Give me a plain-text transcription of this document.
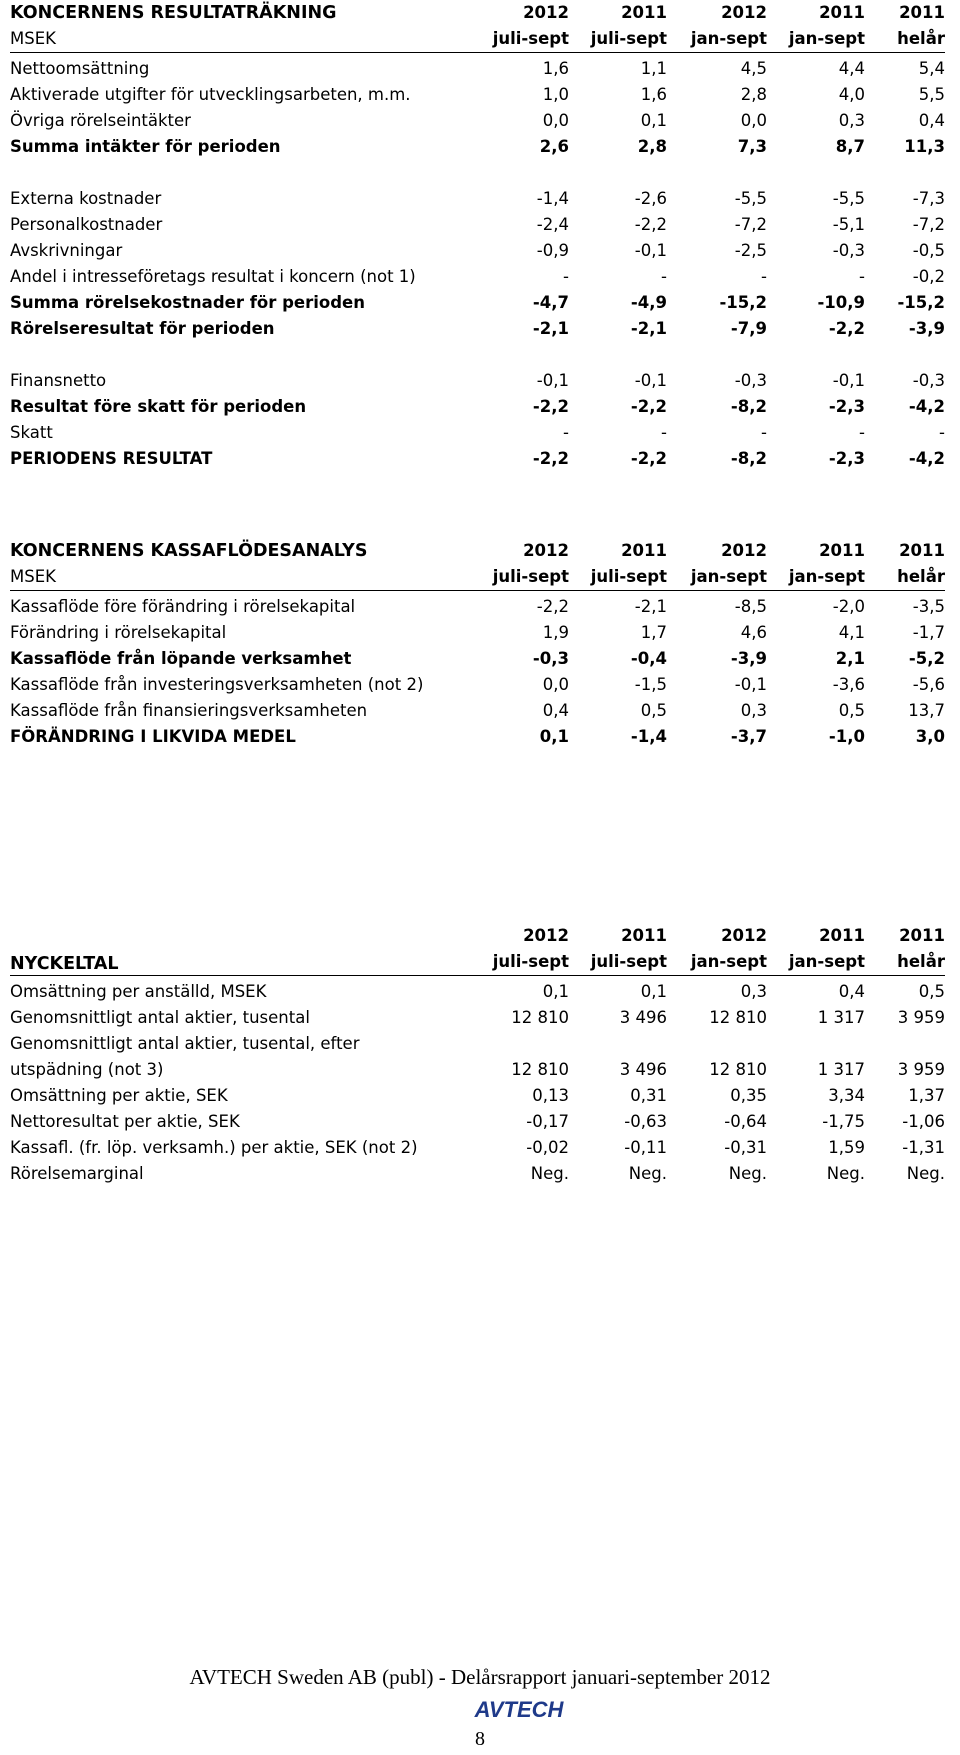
KONCERNENS RESULTATRÄKNING
MSEK
2012	2011	2012	2011	2011
juli-sept	juli-sept	jan-sept	jan-sept	helår
Nettoomsättning	1,6	1,1	4,5	4,4	5,4
Aktiverade utgifter för utvecklingsarbeten, m.m.	1,0	1,6	2,8	4,0	5,5
Övriga rörelseintäkter	0,0	0,1	0,0	0,3	0,4
Summa intäkter för perioden	2,6	2,8	7,3	8,7	11,3
Externa kostnader	-1,4	-2,6	-5,5	-5,5	-7,3
Personalkostnader	-2,4	-2,2	-7,2	-5,1	-7,2
Avskrivningar	-0,9	-0,1	-2,5	-0,3	-0,5
Andel i intresseföretags resultat i koncern (not 1)	-	-	-	-	-0,2
Summa rörelsekostnader för perioden	-4,7	-4,9	-15,2	-10,9	-15,2
Rörelseresultat för perioden	-2,1	-2,1	-7,9	-2,2	-3,9
Finansnetto	-0,1	-0,1	-0,3	-0,1	-0,3
Resultat före skatt för perioden	-2,2	-2,2	-8,2	-2,3	-4,2
Skatt	-	-	-	-	-
PERIODENS RESULTAT	-2,2	-2,2	-8,2	-2,3	-4,2
KONCERNENS KASSAFLÖDESANALYS
MSEK
2012	2011	2012	2011	2011
juli-sept	juli-sept	jan-sept	jan-sept	helår
Kassaflöde före förändring i rörelsekapital	-2,2	-2,1	-8,5	-2,0	-3,5
Förändring i rörelsekapital	1,9	1,7	4,6	4,1	-1,7
Kassaflöde från löpande verksamhet	-0,3	-0,4	-3,9	2,1	-5,2
Kassaflöde från investeringsverksamheten (not 2)	0,0	-1,5	-0,1	-3,6	-5,6
Kassaflöde från finansieringsverksamheten	0,4	0,5	0,3	0,5	13,7
FÖRÄNDRING I LIKVIDA MEDEL	0,1	-1,4	-3,7	-1,0	3,0
NYCKELTAL
2012	2011	2012	2011	2011
juli-sept	juli-sept	jan-sept	jan-sept	helår
Omsättning per anställd, MSEK	0,1	0,1	0,3	0,4	0,5
Genomsnittligt antal aktier, tusental	12 810	3 496	12 810	1 317	3 959
Genomsnittligt antal aktier, tusental, efter
utspädning (not 3)	12 810	3 496	12 810	1 317	3 959
Omsättning per aktie, SEK	0,13	0,31	0,35	3,34	1,37
Nettoresultat per aktie, SEK	-0,17	-0,63	-0,64	-1,75	-1,06
Kassafl. (fr. löp. verksamh.) per aktie, SEK (not 2)	-0,02	-0,11	-0,31	1,59	-1,31
Rörelsemarginal	Neg.	Neg.	Neg.	Neg.	Neg.
AVTECH Sweden AB (publ) - Delårsrapport januari-september 2012
AVTECH
8
